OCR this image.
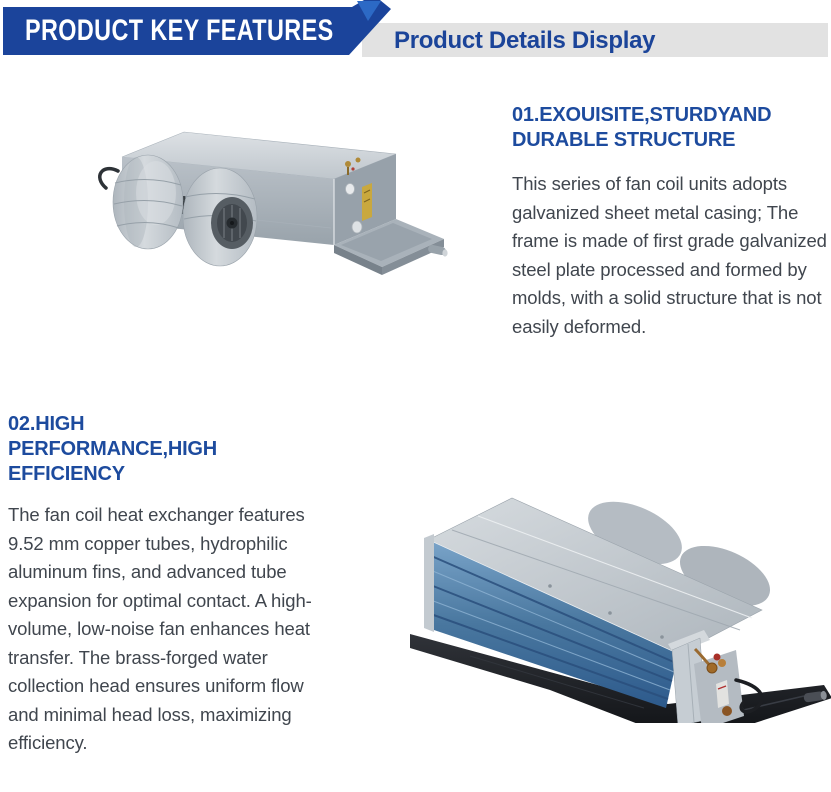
PRODUCT KEY FEATURES	Product Details Display
01.EXOUISITE,STURDYAND DURABLE STRUCTURE
This series of fan coil units adopts galvanized sheet metal casing; The frame is made of first grade galvanized steel plate processed and formed by molds, with a solid structure that is not easily deformed.
02.HIGH PERFORMANCE,HIGH EFFICIENCY
The fan coil heat exchanger features 9.52 mm copper tubes, hydrophilic aluminum fins, and advanced tube expansion for optimal contact. A high-volume, low-noise fan enhances heat transfer. The brass-forged water collection head ensures uniform flow and minimal head loss, maximizing efficiency.
